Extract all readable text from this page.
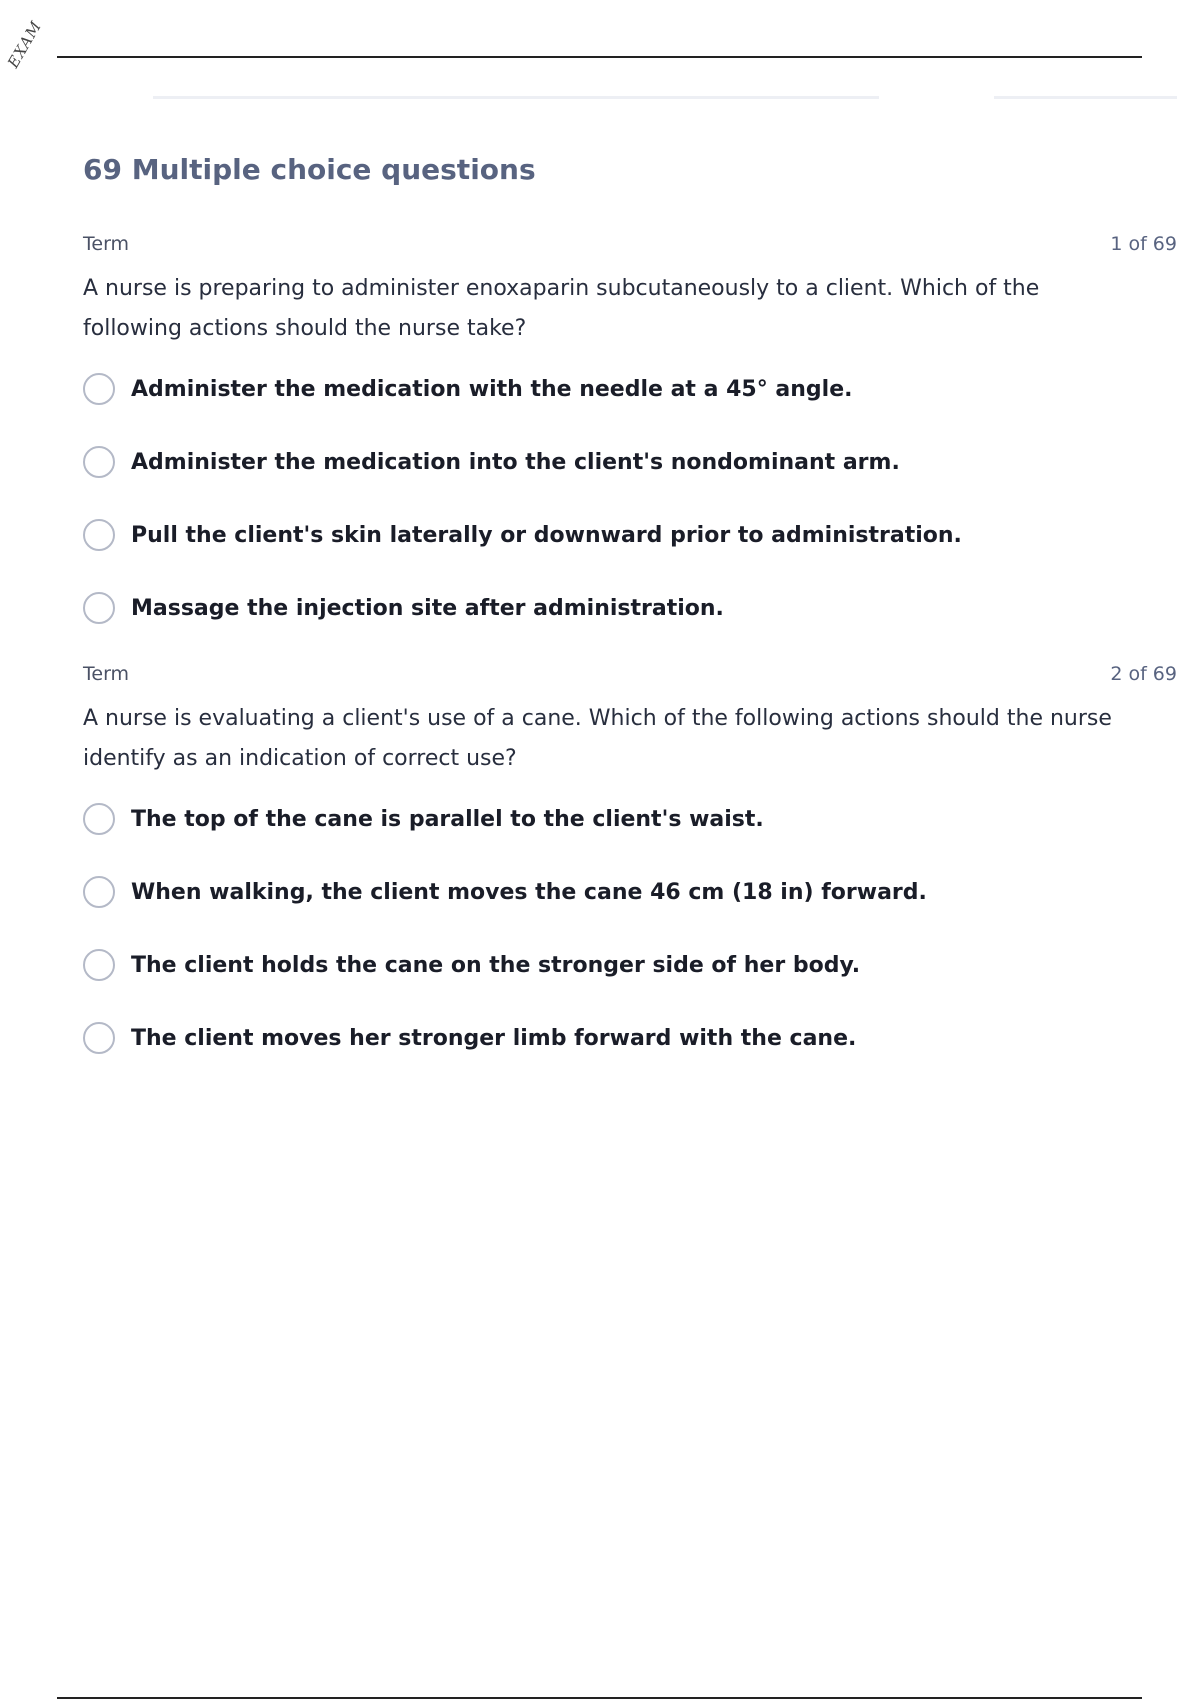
EXAM
69 Multiple choice questions
Term	1 of 69
A nurse is preparing to administer enoxaparin subcutaneously to a client. Which of the following actions should the nurse take?
Administer the medication with the needle at a 45° angle.
Administer the medication into the client's nondominant arm.
Pull the client's skin laterally or downward prior to administration.
Massage the injection site after administration.
Term	2 of 69
A nurse is evaluating a client's use of a cane. Which of the following actions should the nurse identify as an indication of correct use?
The top of the cane is parallel to the client's waist.
When walking, the client moves the cane 46 cm (18 in) forward.
The client holds the cane on the stronger side of her body.
The client moves her stronger limb forward with the cane.
